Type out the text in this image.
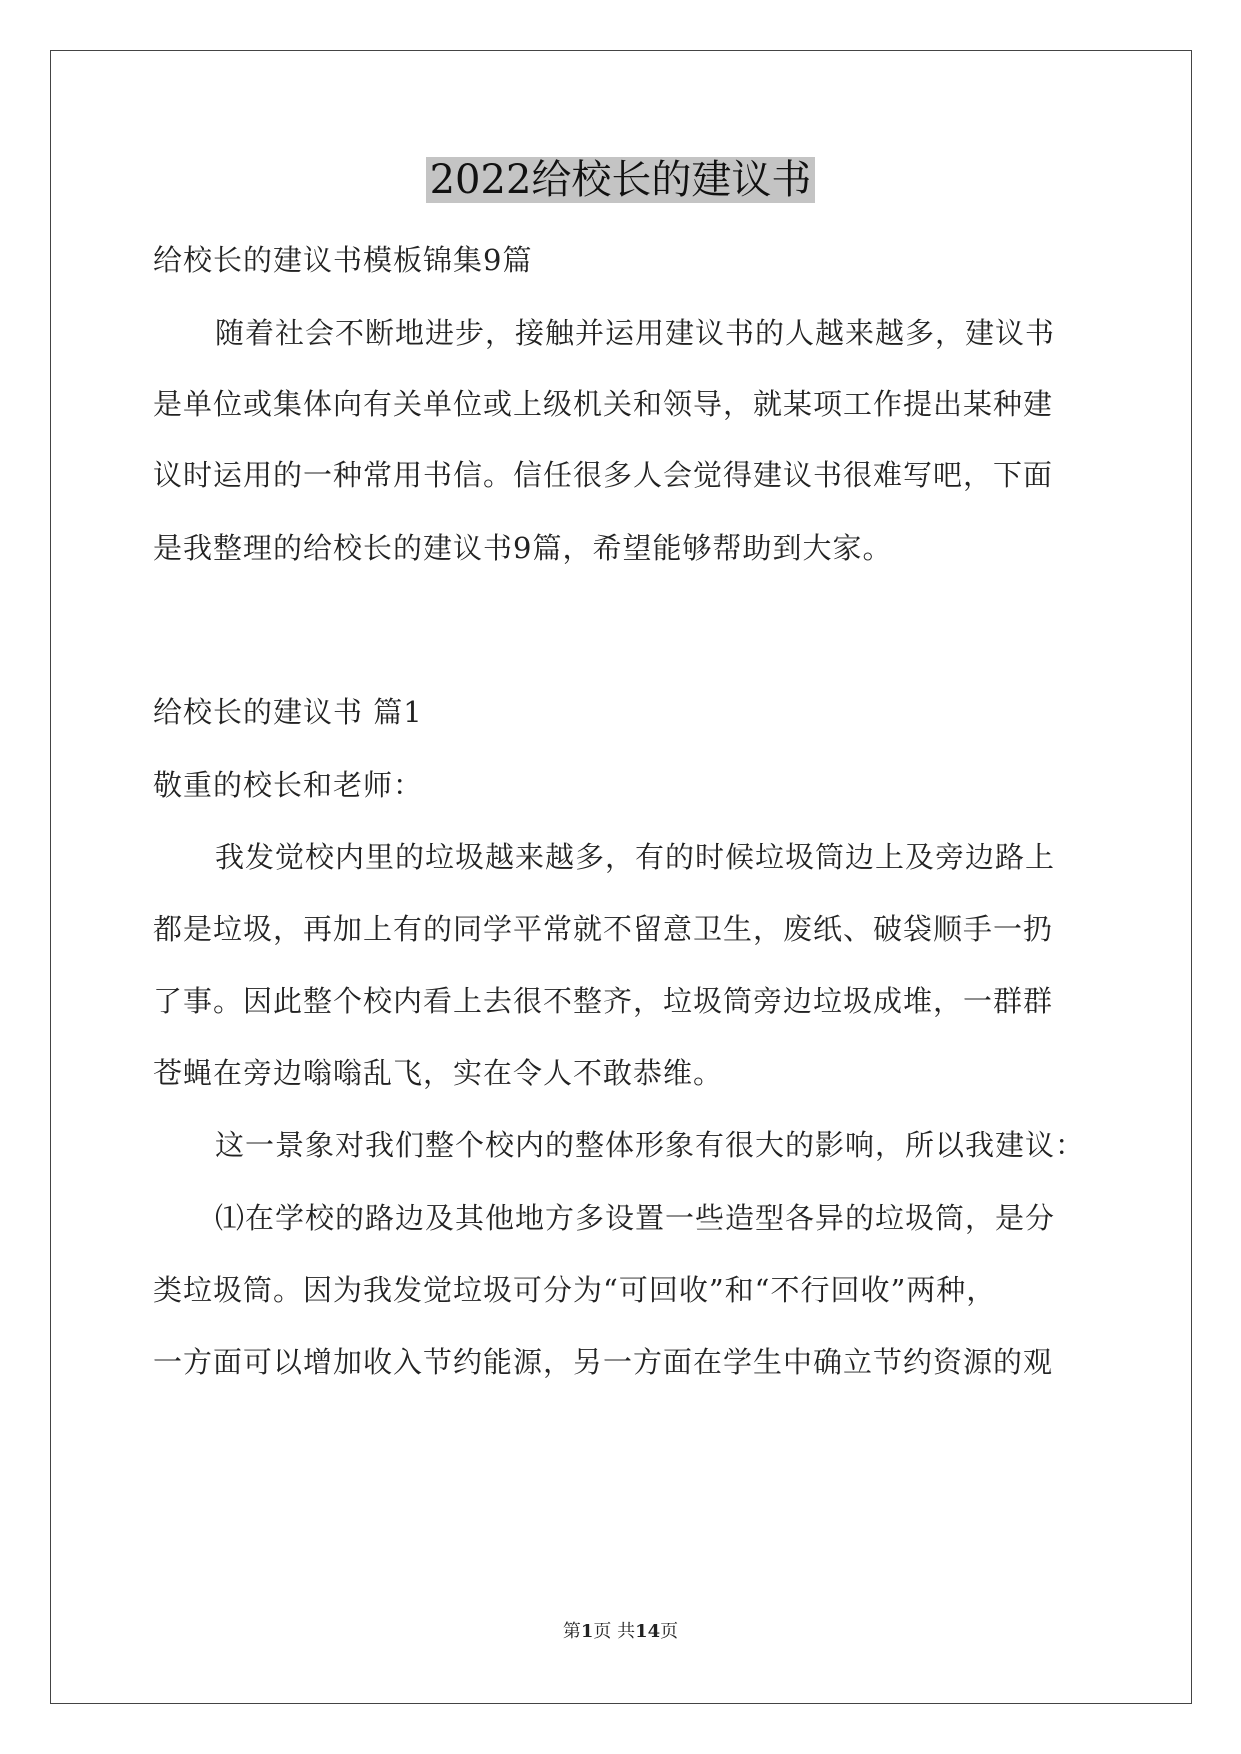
2022给校长的建议书
给校长的建议书模板锦集9篇
随着社会不断地进步，接触并运用建议书的人越来越多，建议书
是单位或集体向有关单位或上级机关和领导，就某项工作提出某种建
议时运用的一种常用书信。信任很多人会觉得建议书很难写吧，下面
是我整理的给校长的建议书9篇，希望能够帮助到大家。
给校长的建议书 篇1
敬重的校长和老师：
我发觉校内里的垃圾越来越多，有的时候垃圾筒边上及旁边路上
都是垃圾，再加上有的同学平常就不留意卫生，废纸、破袋顺手一扔
了事。因此整个校内看上去很不整齐，垃圾筒旁边垃圾成堆，一群群
苍蝇在旁边嗡嗡乱飞，实在令人不敢恭维。
这一景象对我们整个校内的整体形象有很大的影响，所以我建议：
⑴在学校的路边及其他地方多设置一些造型各异的垃圾筒，是分
类垃圾筒。因为我发觉垃圾可分为“可回收”和“不行回收”两种，
一方面可以增加收入节约能源，另一方面在学生中确立节约资源的观
第1页 共14页
